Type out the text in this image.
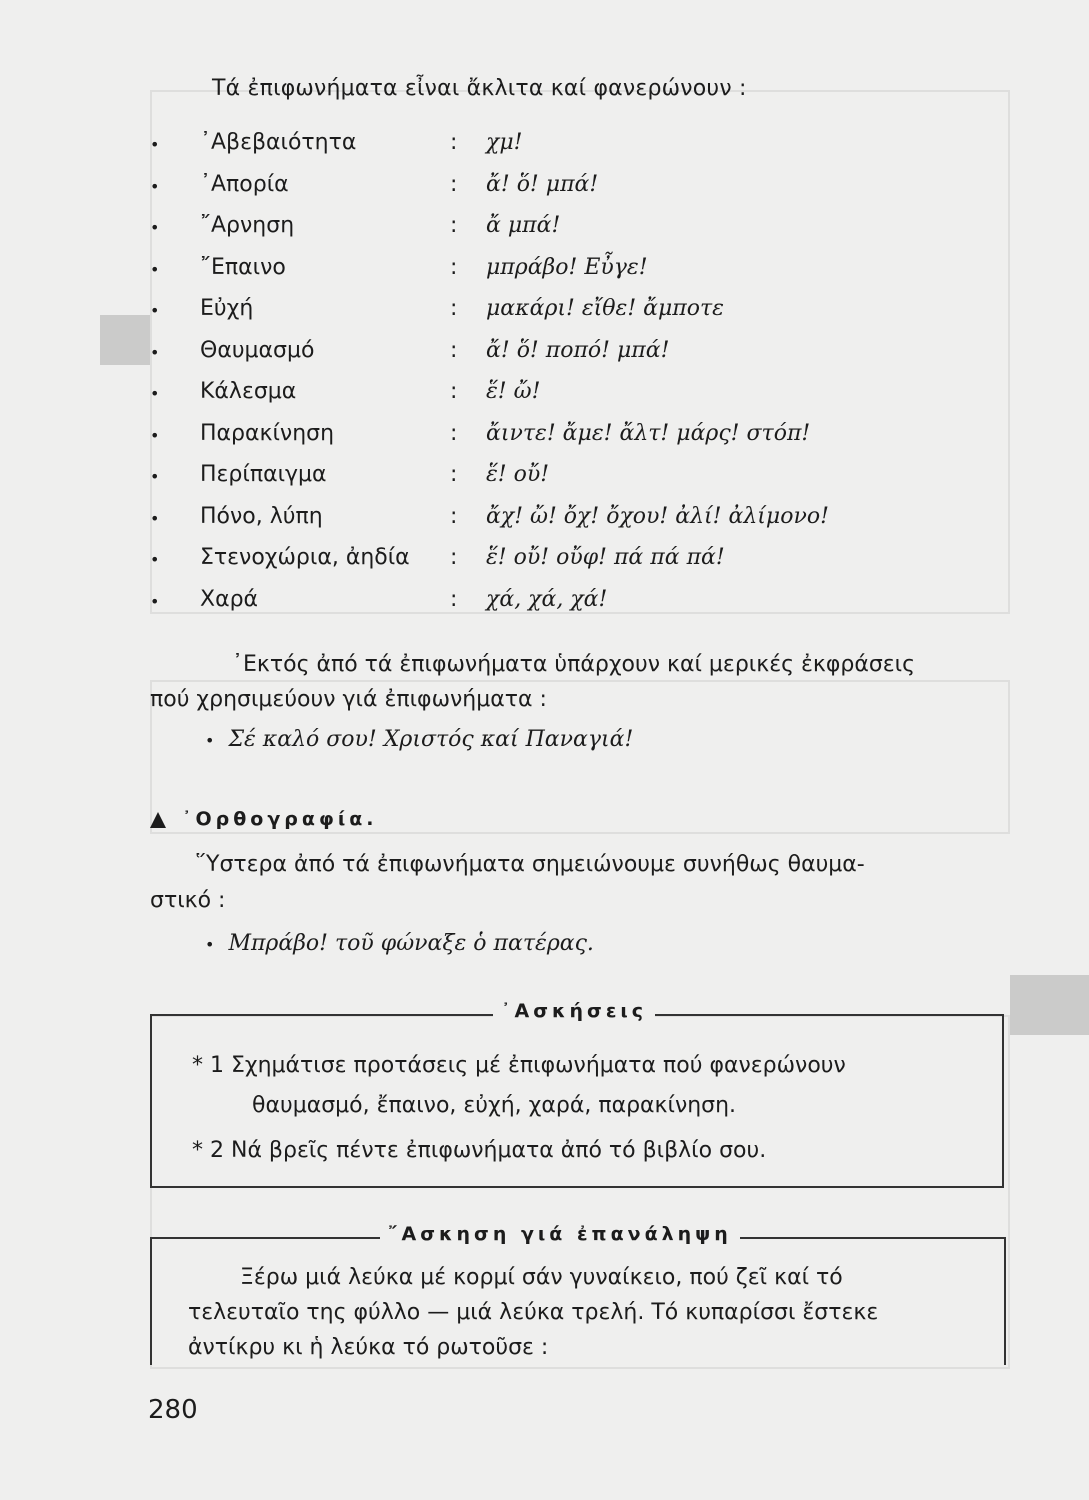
Τά ἐπιφωνήματα εἶναι ἄκλιτα καί φανερώνουν :
• ᾿Αβεβαιότητα	: χμ!
• ᾿Απορία	: ἄ! ὅ! μπά!
• ῎Αρνηση	: ἄ μπά!
• ῎Επαινο	: μπράβο! Εὖγε!
• Εὐχή	: μακάρι! εἴθε! ἄμποτε
• Θαυμασμό	: ἄ! ὅ! ποπό! μπά!
• Κάλεσμα	: ἕ! ὤ!
• Παρακίνηση	: ἄιντε! ἄμε! ἄλτ! μάρς! στόπ!
• Περίπαιγμα	: ἕ! οὔ!
• Πόνο, λύπη	: ἄχ! ὤ! ὄχ! ὄχου! ἀλί! ἀλίμονο!
• Στενοχώρια, ἀηδία : ἕ! οὔ! οὔφ! πά πά πά!
• Χαρά	: χά, χά, χά!
᾿Εκτός ἀπό τά ἐπιφωνήματα ὑπάρχουν καί μερικές ἐκφράσεις
πού χρησιμεύουν γιά ἐπιφωνήματα :
• Σέ καλό σου! Χριστός καί Παναγιά!
᾿Ορθογραφία.
῞Υστερα ἀπό τά ἐπιφωνήματα σημειώνουμε συνήθως θαυμα-
στικό :
• Μπράβο! τοῦ φώναξε ὁ πατέρας.
᾿Ασκήσεις
* 1 Σχημάτισε προτάσεις μέ ἐπιφωνήματα πού φανερώνουν
θαυμασμό, ἔπαινο, εὐχή, χαρά, παρακίνηση.
* 2 Νά βρεῖς πέντε ἐπιφωνήματα ἀπό τό βιβλίο σου.
῎Ασκηση γιά ἐπανάληψη
Ξέρω μιά λεύκα μέ κορμί σάν γυναίκειο, πού ζεῖ καί τό
τελευταῖο της φύλλο — μιά λεύκα τρελή. Τό κυπαρίσσι ἔστεκε
ἀντίκρυ κι ἡ λεύκα τό ρωτοῦσε :
280
